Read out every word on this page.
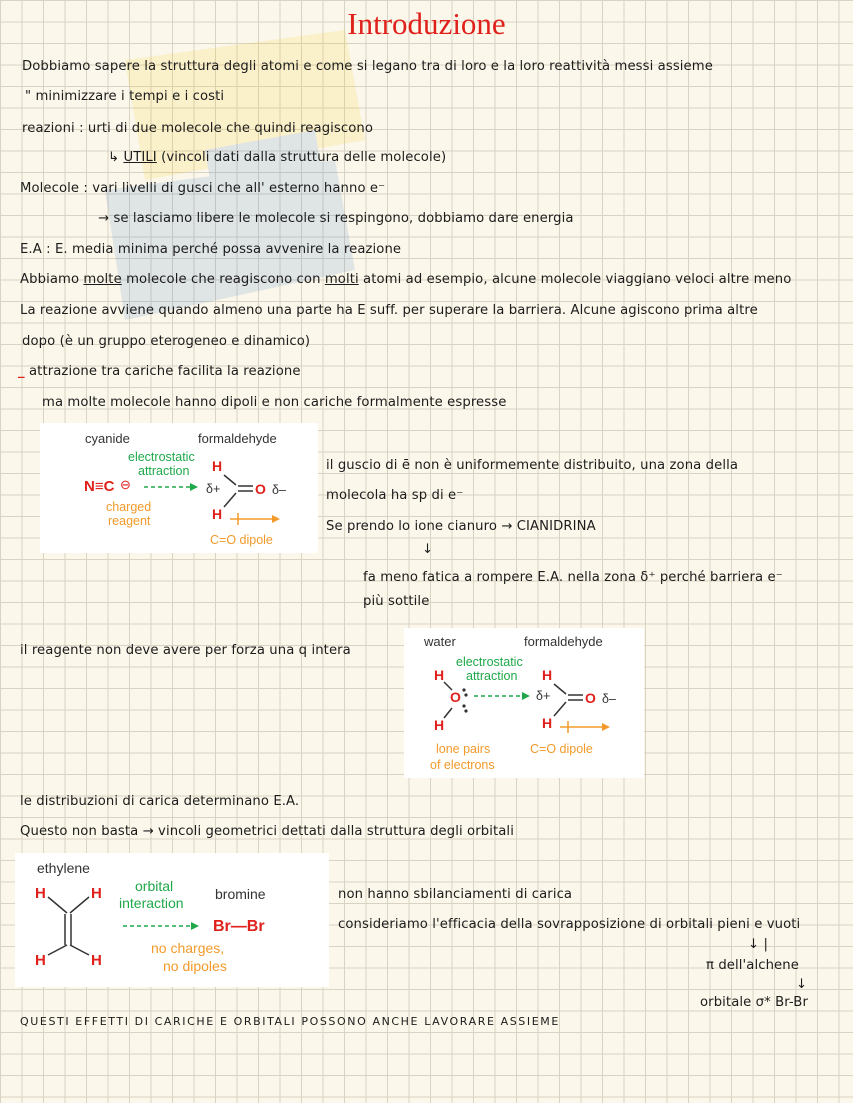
Introduzione
Dobbiamo sapere la struttura degli atomi e come si legano tra di loro e la loro reattività messi assieme
" minimizzare i tempi e i costi
reazioni : urti di due molecole che quindi reagiscono
↳ UTILI (vincoli dati dalla struttura delle molecole)
Molecole : vari livelli di gusci che all' esterno hanno e⁻
→ se lasciamo libere le molecole si respingono, dobbiamo dare energia
E.A : E. media minima perché possa avvenire la reazione
Abbiamo molte molecole che reagiscono con molti atomi ad esempio, alcune molecole viaggiano veloci altre meno
La reazione avviene quando almeno una parte ha E suff. per superare la barriera. Alcune agiscono prima altre
dopo (è un gruppo eterogeneo e dinamico)
_ attrazione tra cariche facilita la reazione
ma molte molecole hanno dipoli e non cariche formalmente espresse
cyanide	formaldehyde
electrostatic
attraction
N≡C ⊖
charged
reagent
H
δ+ O δ–
H
C=O dipole
il guscio di ē non è uniformemente distribuito, una zona della
molecola ha sp di e⁻
Se prendo lo ione cianuro → CIANIDRINA
↓
fa meno fatica a rompere E.A. nella zona δ⁺ perché barriera e⁻
più sottile
il reagente non deve avere per forza una q intera
water	formaldehyde
electrostatic
attraction
H
O
H
H
δ+ O δ–
H
lone pairs
of electrons
C=O dipole
le distribuzioni di carica determinano E.A.
Questo non basta → vincoli geometrici dettati dalla struttura degli orbitali
ethylene
H	H
H	H
orbital
interaction
bromine
Br—Br
no charges,
no dipoles
non hanno sbilanciamenti di carica
consideriamo l'efficacia della sovrapposizione di orbitali pieni e vuoti
↓ |
π dell'alchene
↓
orbitale σ* Br-Br
QUESTI EFFETTI DI CARICHE E ORBITALI POSSONO ANCHE LAVORARE ASSIEME
